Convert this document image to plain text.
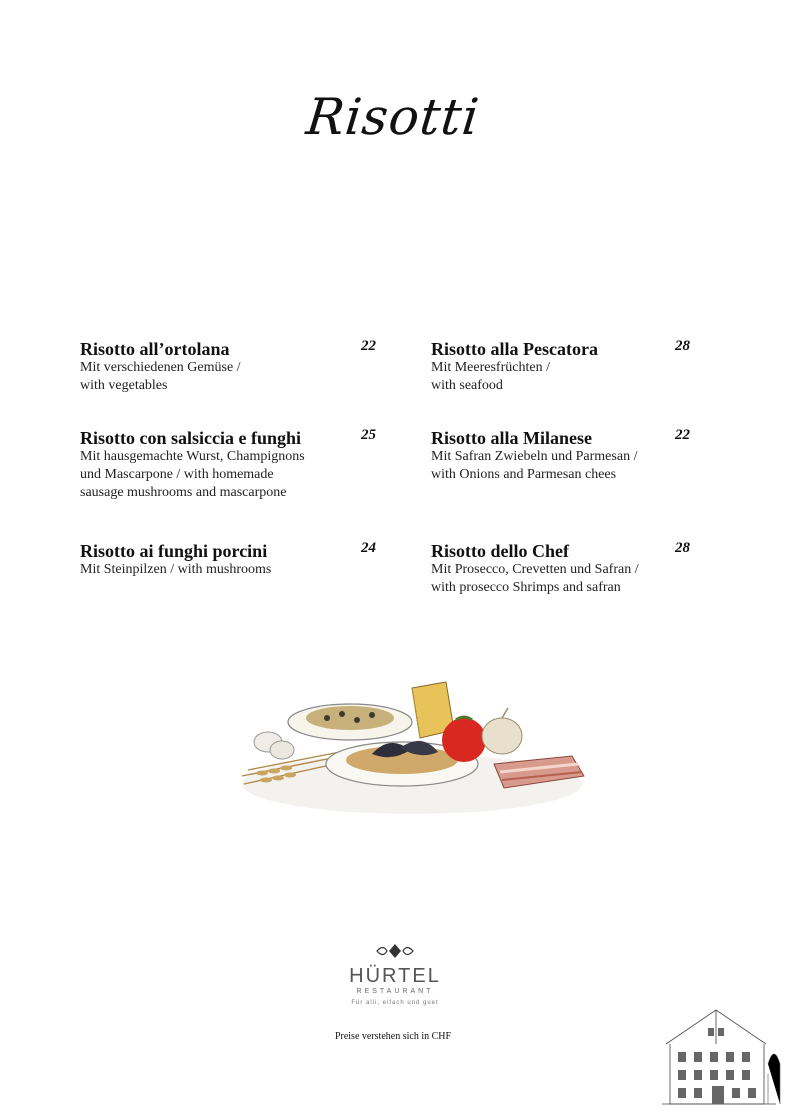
Risotti
Risotto all’ortolana
Mit verschiedenen Gemüse /
with vegetables
22
Risotto con salsiccia e funghi
Mit hausgemachte Wurst, Champignons
und Mascarpone / with homemade
sausage mushrooms and mascarpone
25
Risotto ai funghi porcini
Mit Steinpilzen / with mushrooms
24
Risotto alla Pescatora
Mit Meeresfrüchten /
with seafood
28
Risotto alla Milanese
Mit Safran Zwiebeln und Parmesan /
with Onions and Parmesan chees
22
Risotto dello Chef
Mit Prosecco, Crevetten und Safran /
with prosecco Shrimps and safran
28
HÜRTEL
RESTAURANT
Für alli, eifach und guet
Preise verstehen sich in CHF
